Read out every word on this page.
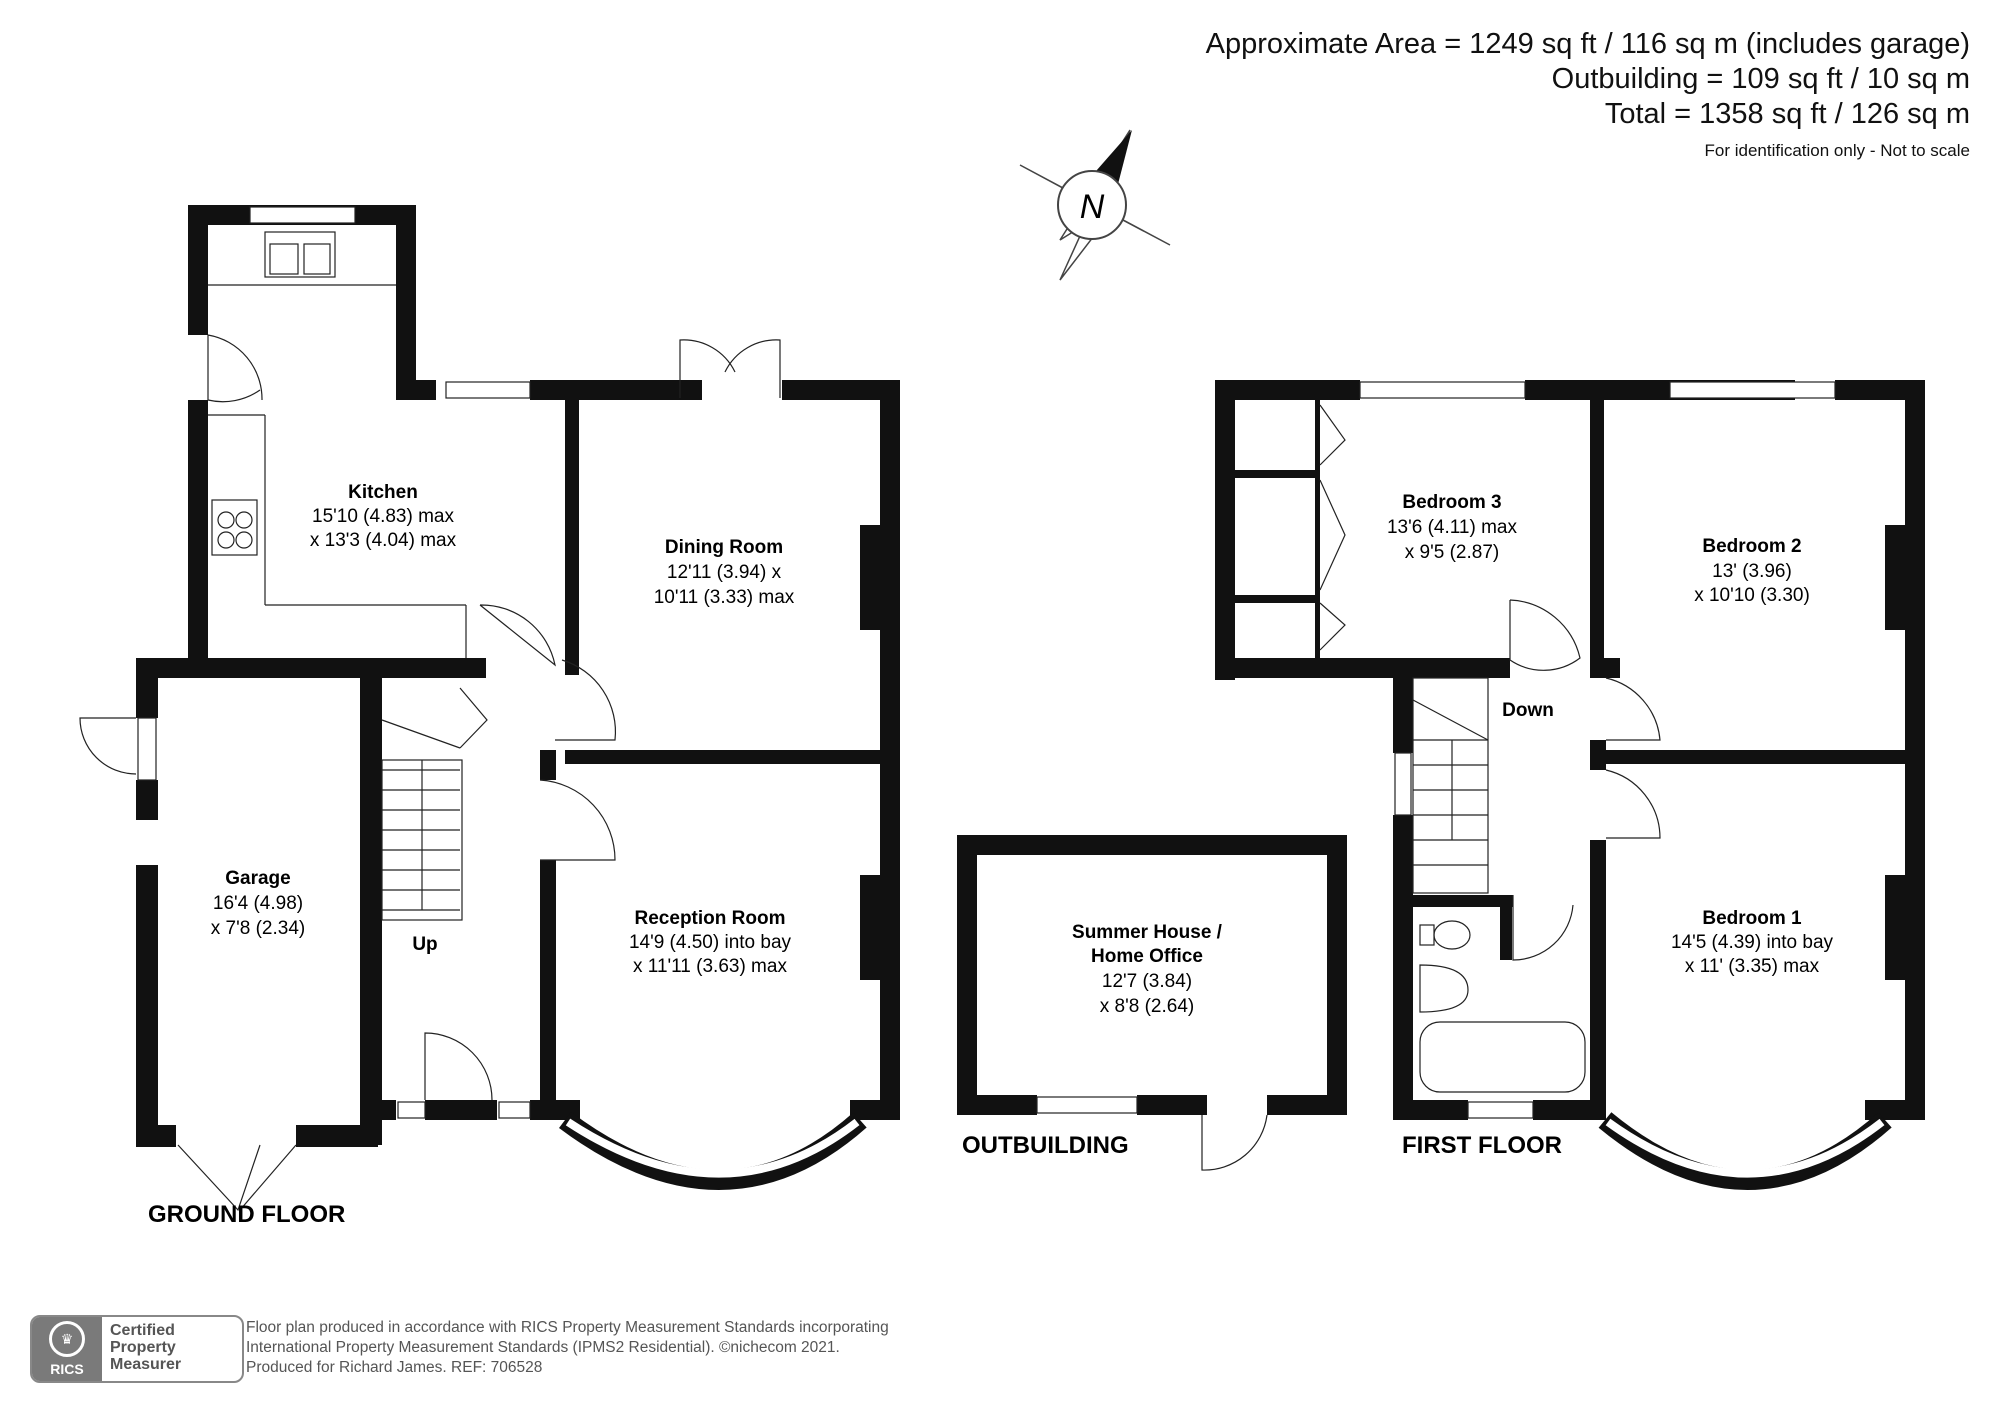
Approximate Area = 1249 sq ft / 116 sq m (includes garage)
Outbuilding = 109 sq ft / 10 sq m
Total = 1358 sq ft / 126 sq m
For identification only - Not to scale
N
Kitchen
15'10 (4.83) max
x 13'3 (4.04) max	Dining Room
12'11 (3.94) x
10'11 (3.33) max
Garage
16'4 (4.98)
x 7'8 (2.34)	Reception Room
14'9 (4.50) into bay
x 11'11 (3.63) max
Up
GROUND FLOOR
Summer House /
Home Office
12'7 (3.84)
x 8'8 (2.64)
OUTBUILDING
Bedroom 3
13'6 (4.11) max
x 9'5 (2.87)	Bedroom 2
13' (3.96)
x 10'10 (3.30)
Bedroom 1
14'5 (4.39) into bay
x 11' (3.35) max
Down
FIRST FLOOR
♛
RICS
Certified
Property
Measurer
Floor plan produced in accordance with RICS Property Measurement Standards incorporating
International Property Measurement Standards (IPMS2 Residential). ©nichecom 2021.
Produced for Richard James. REF: 706528
